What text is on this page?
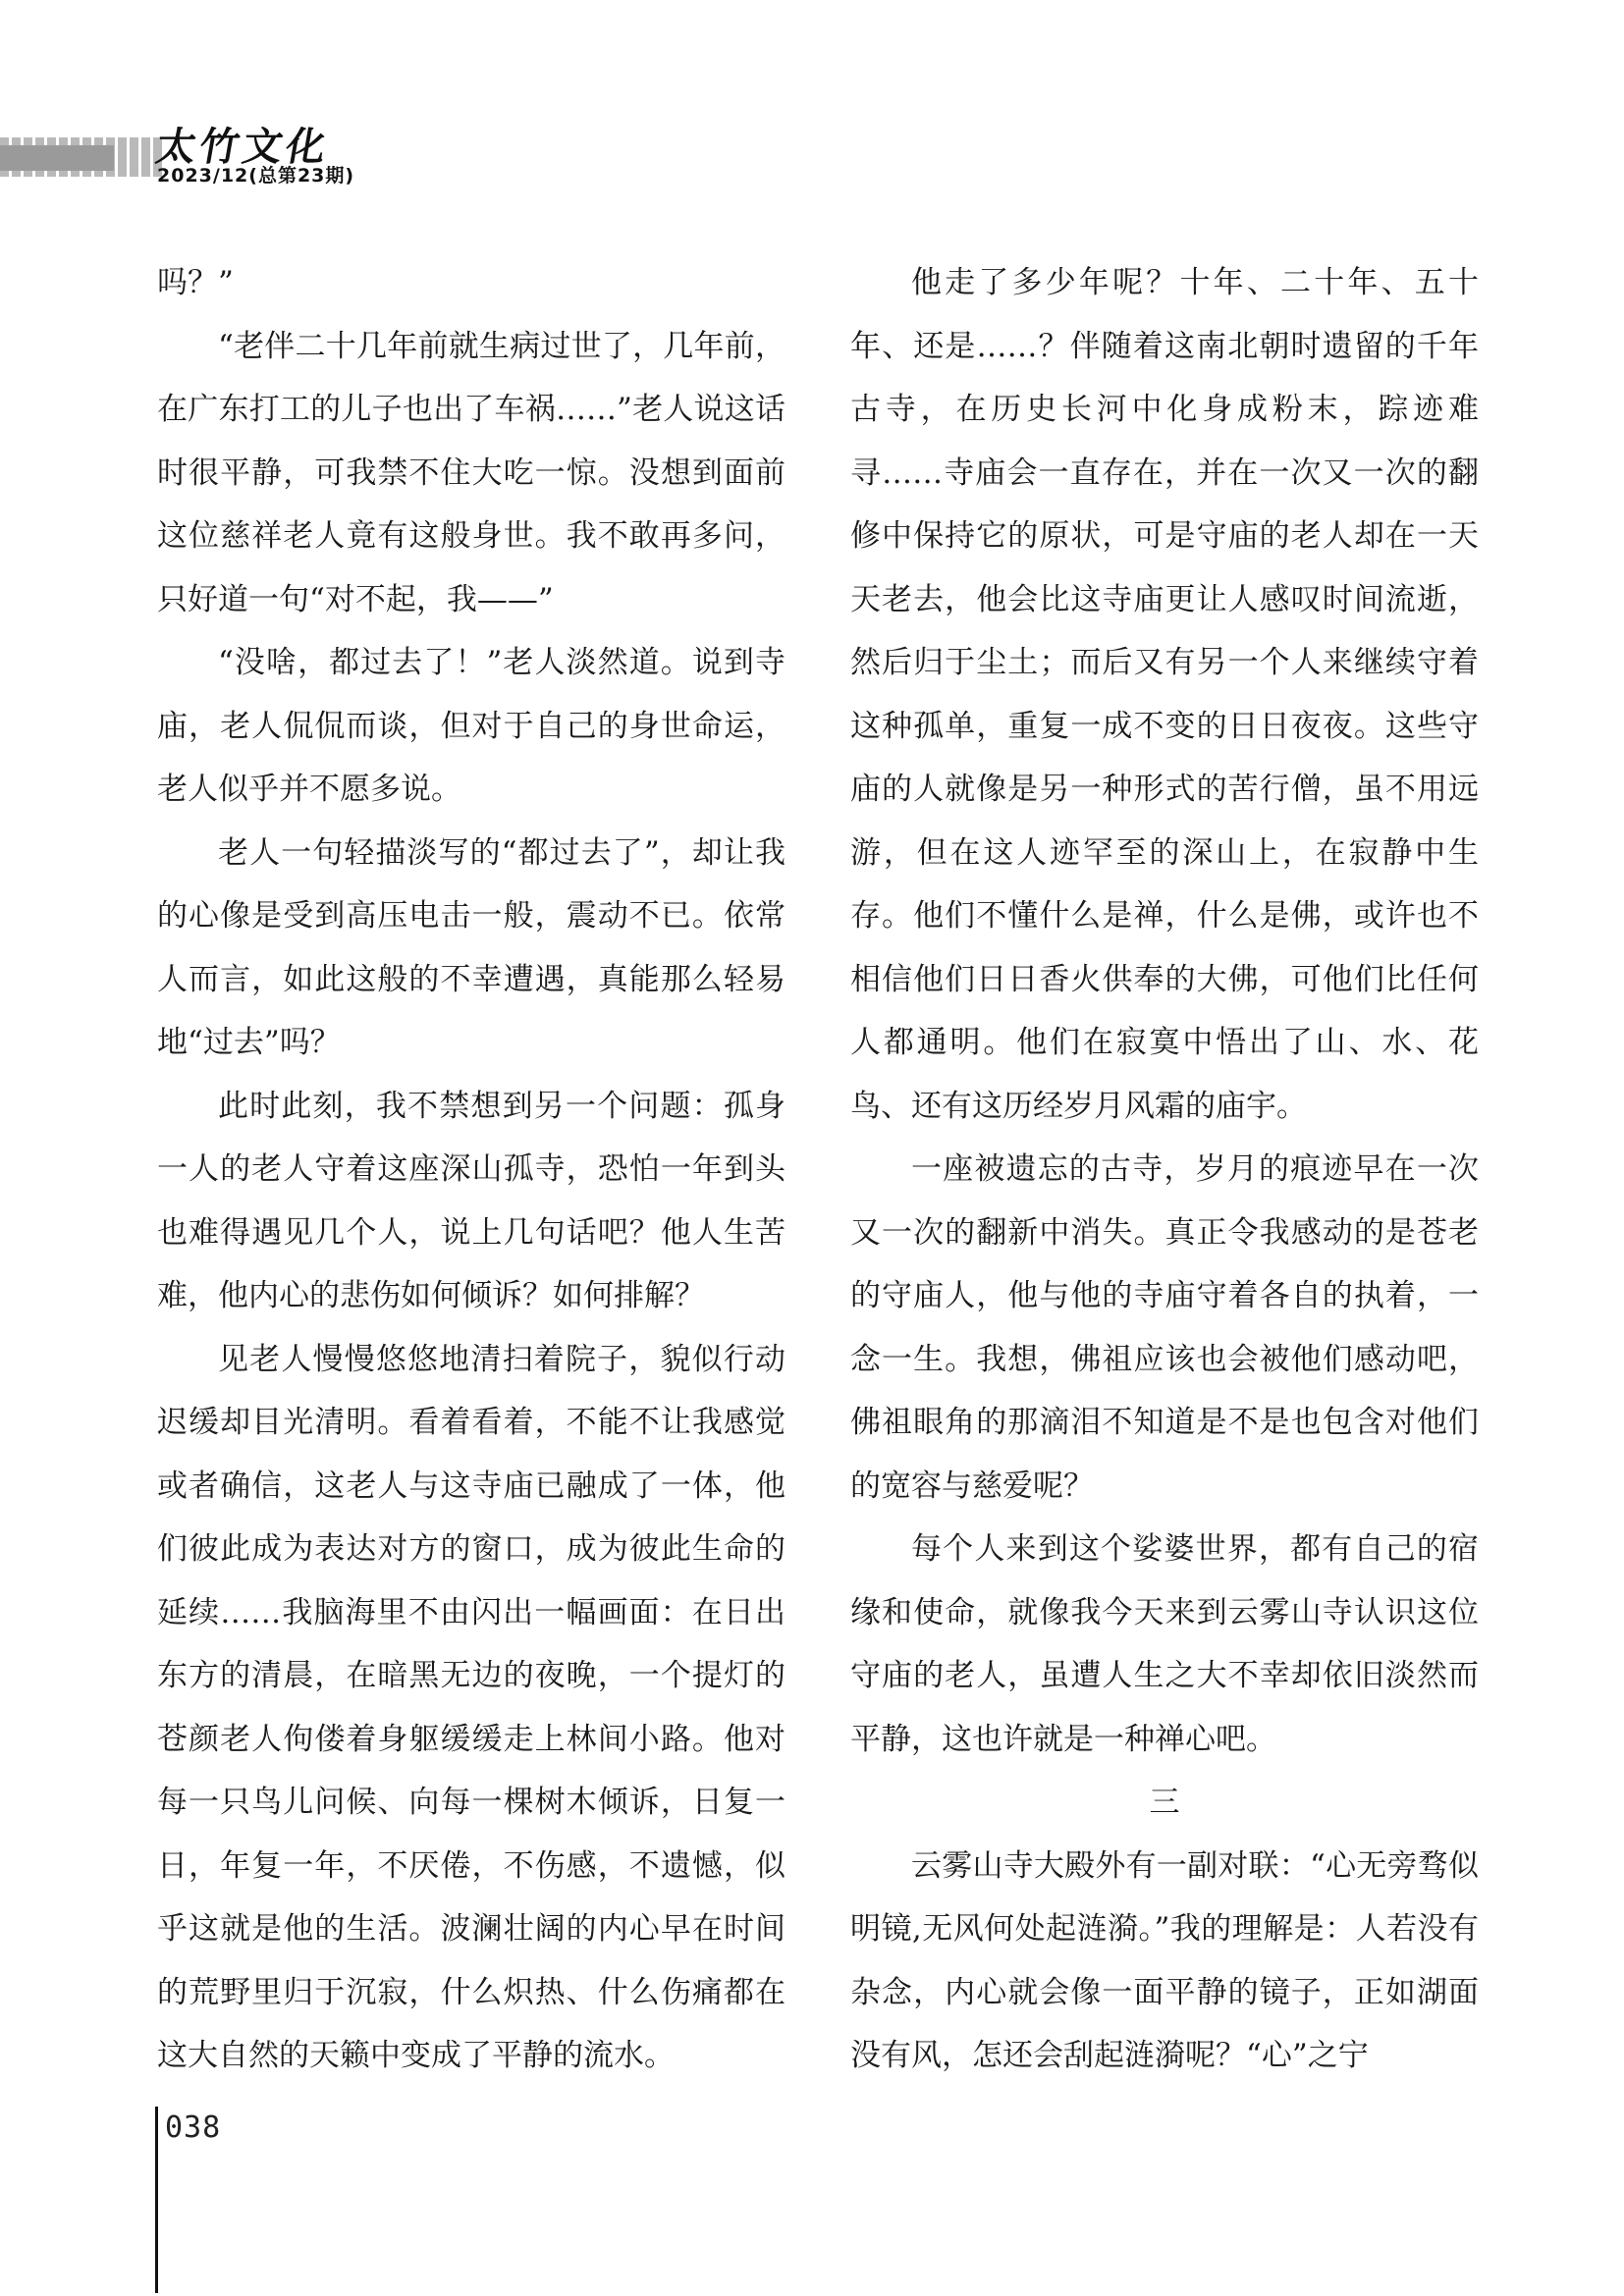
太竹文化
2023/12(总第23期)

吗？”

“老伴二十几年前就生病过世了，几年前，在广东打工的儿子也出了车祸……”老人说这话时很平静，可我禁不住大吃一惊。没想到面前这位慈祥老人竟有这般身世。我不敢再多问，只好道一句“对不起，我——”

“没啥，都过去了！”老人淡然道。说到寺庙，老人侃侃而谈，但对于自己的身世命运，老人似乎并不愿多说。

老人一句轻描淡写的“都过去了”，却让我的心像是受到高压电击一般，震动不已。依常人而言，如此这般的不幸遭遇，真能那么轻易地“过去”吗？

此时此刻，我不禁想到另一个问题：孤身一人的老人守着这座深山孤寺，恐怕一年到头也难得遇见几个人，说上几句话吧？他人生苦难，他内心的悲伤如何倾诉？如何排解？

见老人慢慢悠悠地清扫着院子，貌似行动迟缓却目光清明。看着看着，不能不让我感觉或者确信，这老人与这寺庙已融成了一体，他们彼此成为表达对方的窗口，成为彼此生命的延续……我脑海里不由闪出一幅画面：在日出东方的清晨，在暗黑无边的夜晚，一个提灯的苍颜老人佝偻着身躯缓缓走上林间小路。他对每一只鸟儿问候、向每一棵树木倾诉，日复一日，年复一年，不厌倦，不伤感，不遗憾，似乎这就是他的生活。波澜壮阔的内心早在时间的荒野里归于沉寂，什么炽热、什么伤痛都在这大自然的天籁中变成了平静的流水。

他走了多少年呢？十年、二十年、五十年、还是……？伴随着这南北朝时遗留的千年古寺，在历史长河中化身成粉末，踪迹难寻……寺庙会一直存在，并在一次又一次的翻修中保持它的原状，可是守庙的老人却在一天天老去，他会比这寺庙更让人感叹时间流逝，然后归于尘土；而后又有另一个人来继续守着这种孤单，重复一成不变的日日夜夜。这些守庙的人就像是另一种形式的苦行僧，虽不用远游，但在这人迹罕至的深山上，在寂静中生存。他们不懂什么是禅，什么是佛，或许也不相信他们日日香火供奉的大佛，可他们比任何人都通明。他们在寂寞中悟出了山、水、花鸟、还有这历经岁月风霜的庙宇。

一座被遗忘的古寺，岁月的痕迹早在一次又一次的翻新中消失。真正令我感动的是苍老的守庙人，他与他的寺庙守着各自的执着，一念一生。我想，佛祖应该也会被他们感动吧，佛祖眼角的那滴泪不知道是不是也包含对他们的宽容与慈爱呢？

每个人来到这个娑婆世界，都有自己的宿缘和使命，就像我今天来到云雾山寺认识这位守庙的老人，虽遭人生之大不幸却依旧淡然而平静，这也许就是一种禅心吧。

三

云雾山寺大殿外有一副对联：“心无旁骛似明镜,无风何处起涟漪。”我的理解是：人若没有杂念，内心就会像一面平静的镜子，正如湖面没有风，怎还会刮起涟漪呢？“心”之宁

038
